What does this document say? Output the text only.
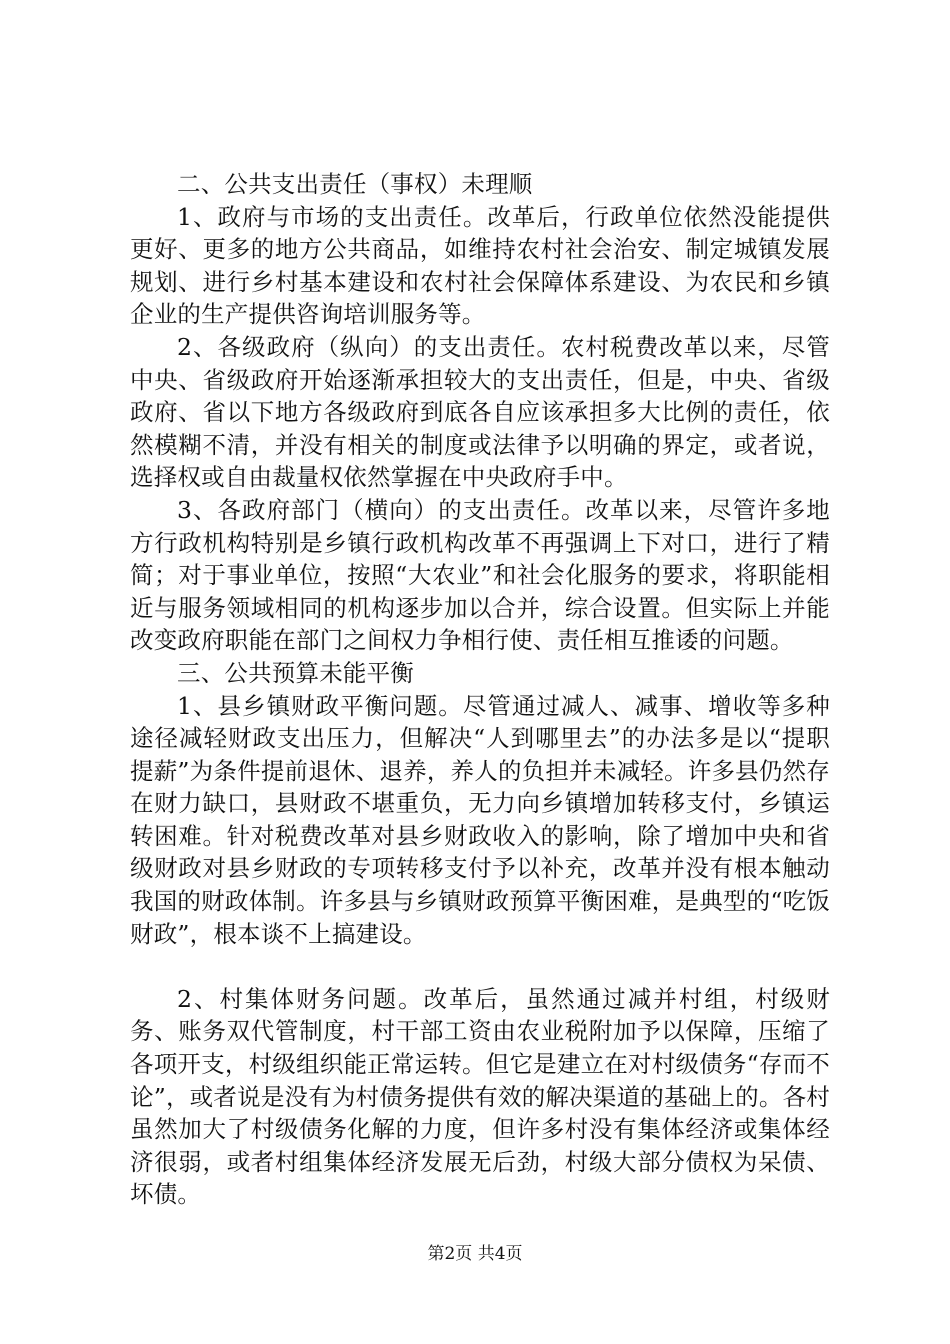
二、公共支出责任（事权）未理顺

1、政府与市场的支出责任。改革后，行政单位依然没能提供更好、更多的地方公共商品，如维持农村社会治安、制定城镇发展规划、进行乡村基本建设和农村社会保障体系建设、为农民和乡镇企业的生产提供咨询培训服务等。

2、各级政府（纵向）的支出责任。农村税费改革以来，尽管中央、省级政府开始逐渐承担较大的支出责任，但是，中央、省级政府、省以下地方各级政府到底各自应该承担多大比例的责任，依然模糊不清，并没有相关的制度或法律予以明确的界定，或者说，选择权或自由裁量权依然掌握在中央政府手中。

3、各政府部门（横向）的支出责任。改革以来，尽管许多地方行政机构特别是乡镇行政机构改革不再强调上下对口，进行了精简；对于事业单位，按照“大农业”和社会化服务的要求，将职能相近与服务领域相同的机构逐步加以合并，综合设置。但实际上并能改变政府职能在部门之间权力争相行使、责任相互推诿的问题。

三、公共预算未能平衡

1、县乡镇财政平衡问题。尽管通过减人、减事、增收等多种途径减轻财政支出压力，但解决“人到哪里去”的办法多是以“提职提薪”为条件提前退休、退养，养人的负担并未减轻。许多县仍然存在财力缺口，县财政不堪重负，无力向乡镇增加转移支付，乡镇运转困难。针对税费改革对县乡财政收入的影响，除了增加中央和省级财政对县乡财政的专项转移支付予以补充，改革并没有根本触动我国的财政体制。许多县与乡镇财政预算平衡困难，是典型的“吃饭财政”，根本谈不上搞建设。

2、村集体财务问题。改革后，虽然通过减并村组，村级财务、账务双代管制度，村干部工资由农业税附加予以保障，压缩了各项开支，村级组织能正常运转。但它是建立在对村级债务“存而不论”，或者说是没有为村债务提供有效的解决渠道的基础上的。各村虽然加大了村级债务化解的力度，但许多村没有集体经济或集体经济很弱，或者村组集体经济发展无后劲，村级大部分债权为呆债、坏债。

第2页 共4页
